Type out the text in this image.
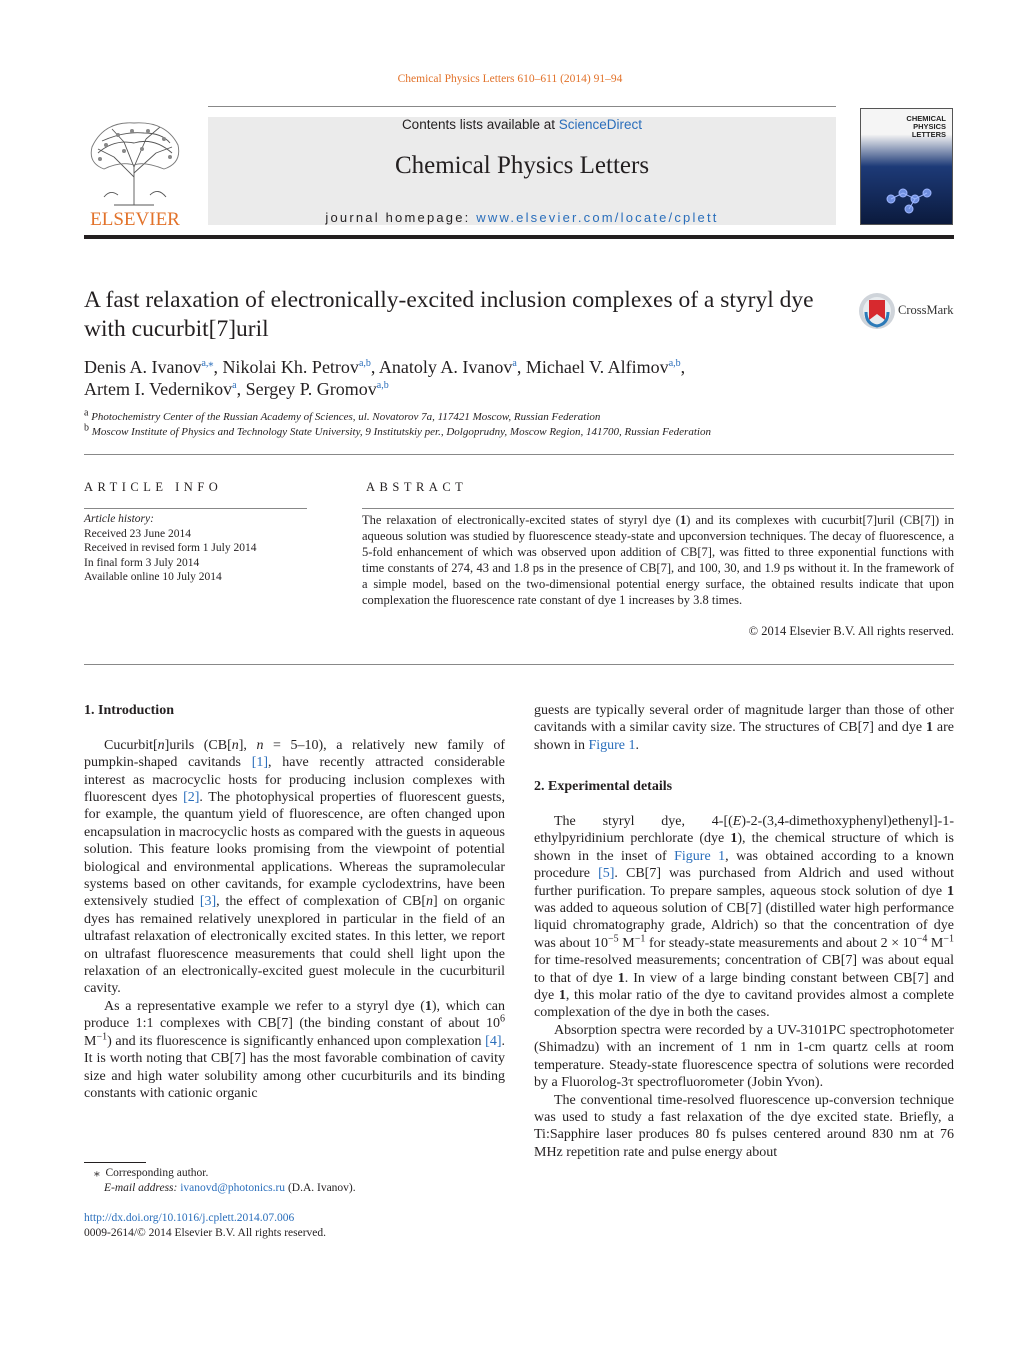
Chemical Physics Letters 610–611 (2014) 91–94
ELSEVIER
Contents lists available at ScienceDirect
Chemical Physics Letters
journal homepage: www.elsevier.com/locate/cplett
CHEMICAL
PHYSICS
LETTERS
A fast relaxation of electronically-excited inclusion complexes of a styryl dye with cucurbit[7]uril
CrossMark
Denis A. Ivanov$^{a,⁎}$, Nikolai Kh. Petrov$^{a,b}$, Anatoly A. Ivanov$^a$, Michael V. Alfimov$^{a,b}$,
Artem I. Vedernikov$^a$, Sergey P. Gromov$^{a,b}$
$^a$ Photochemistry Center of the Russian Academy of Sciences, ul. Novatorov 7a, 117421 Moscow, Russian Federation
$^b$ Moscow Institute of Physics and Technology State University, 9 Institutskiy per., Dolgoprudny, Moscow Region, 141700, Russian Federation
ARTICLE INFO
Article history:
Received 23 June 2014
Received in revised form 1 July 2014
In final form 3 July 2014
Available online 10 July 2014
ABSTRACT
The relaxation of electronically-excited states of styryl dye (1) and its complexes with cucurbit[7]uril (CB[7]) in aqueous solution was studied by fluorescence steady-state and upconversion techniques. The decay of fluorescence, a 5-fold enhancement of which was observed upon addition of CB[7], was fitted to three exponential functions with time constants of 274, 43 and 1.8 ps in the presence of CB[7], and 100, 30, and 1.9 ps without it. In the framework of a simple model, based on the two-dimensional potential energy surface, the obtained results indicate that upon complexation the fluorescence rate constant of dye 1 increases by 3.8 times.
© 2014 Elsevier B.V. All rights reserved.
1. Introduction

Cucurbit[n]urils (CB[n], n = 5–10), a relatively new family of pumpkin-shaped cavitands [1], have recently attracted considerable interest as macrocyclic hosts for producing inclusion complexes with fluorescent dyes [2]. The photophysical properties of fluorescent guests, for example, the quantum yield of fluorescence, are often changed upon encapsulation in macrocyclic hosts as compared with the guests in aqueous solution. This feature looks promising from the viewpoint of potential biological and environmental applications. Whereas the supramolecular systems based on other cavitands, for example cyclodextrins, have been extensively studied [3], the effect of complexation of CB[n] on organic dyes has remained relatively unexplored in particular in the field of an ultrafast relaxation of electronically excited states. In this letter, we report on ultrafast fluorescence measurements that could shell light upon the relaxation of an electronically-excited guest molecule in the cucurbituril cavity.

As a representative example we refer to a styryl dye (1), which can produce 1:1 complexes with CB[7] (the binding constant of about $10^6$ $M^{-1}$) and its fluorescence is significantly enhanced upon complexation [4]. It is worth noting that CB[7] has the most favorable combination of cavity size and high water solubility among other cucurbiturils and its binding constants with cationic organic

guests are typically several order of magnitude larger than those of other cavitands with a similar cavity size. The structures of CB[7] and dye 1 are shown in Figure 1.

2. Experimental details

The styryl dye, 4-[(E)-2-(3,4-dimethoxyphenyl)ethenyl]-1-ethylpyridinium perchlorate (dye 1), the chemical structure of which is shown in the inset of Figure 1, was obtained according to a known procedure [5]. CB[7] was purchased from Aldrich and used without further purification. To prepare samples, aqueous stock solution of dye 1 was added to aqueous solution of CB[7] (distilled water high performance liquid chromatography grade, Aldrich) so that the concentration of dye was about $10^{-5}$ $M^{-1}$ for steady-state measurements and about $2 \times 10^{-4}$ $M^{-1}$ for time-resolved measurements; concentration of CB[7] was about equal to that of dye 1. In view of a large binding constant between CB[7] and dye 1, this molar ratio of the dye to cavitand provides almost a complete complexation of the dye in both the cases.

Absorption spectra were recorded by a UV-3101PC spectrophotometer (Shimadzu) with an increment of 1 nm in 1-cm quartz cells at room temperature. Steady-state fluorescence spectra of solutions were recorded by a Fluorolog-3τ spectrofluorometer (Jobin Yvon).

The conventional time-resolved fluorescence up-conversion technique was used to study a fast relaxation of the dye excited state. Briefly, a Ti:Sapphire laser produces 80 fs pulses centered around 830 nm at 76 MHz repetition rate and pulse energy about

⁎ Corresponding author.
E-mail address: ivanovd@photonics.ru (D.A. Ivanov).
http://dx.doi.org/10.1016/j.cplett.2014.07.006
0009-2614/© 2014 Elsevier B.V. All rights reserved.
